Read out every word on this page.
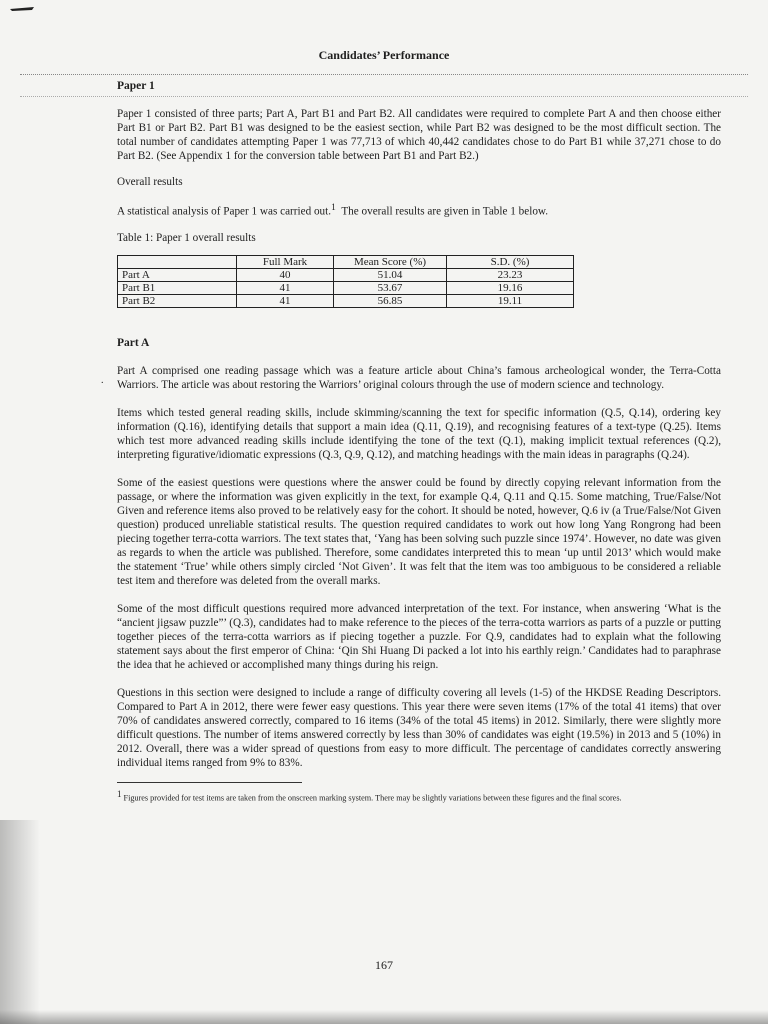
Candidates’ Performance
.
Paper 1

Paper 1 consisted of three parts; Part A, Part B1 and Part B2. All candidates were required to complete Part A and then choose either Part B1 or Part B2. Part B1 was designed to be the easiest section, while Part B2 was designed to be the most difficult section. The total number of candidates attempting Paper 1 was 77,713 of which 40,442 candidates chose to do Part B1 while 37,271 chose to do Part B2. (See Appendix 1 for the conversion table between Part B1 and Part B2.)

Overall results

A statistical analysis of Paper 1 was carried out.$^1$ The overall results are given in Table 1 below.

Table 1: Paper 1 overall results

	Full Mark	Mean Score (%)	S.D. (%)
Part A	40	51.04	23.23
Part B1	41	53.67	19.16
Part B2	41	56.85	19.11
Part A

Part A comprised one reading passage which was a feature article about China’s famous archeological wonder, the Terra-Cotta Warriors. The article was about restoring the Warriors’ original colours through the use of modern science and technology.

Items which tested general reading skills, include skimming/scanning the text for specific information (Q.5, Q.14), ordering key information (Q.16), identifying details that support a main idea (Q.11, Q.19), and recognising features of a text-type (Q.25). Items which test more advanced reading skills include identifying the tone of the text (Q.1), making implicit textual references (Q.2), interpreting figurative/idiomatic expressions (Q.3, Q.9, Q.12), and matching headings with the main ideas in paragraphs (Q.24).

Some of the easiest questions were questions where the answer could be found by directly copying relevant information from the passage, or where the information was given explicitly in the text, for example Q.4, Q.11 and Q.15. Some matching, True/False/Not Given and reference items also proved to be relatively easy for the cohort. It should be noted, however, Q.6 iv (a True/False/Not Given question) produced unreliable statistical results. The question required candidates to work out how long Yang Rongrong had been piecing together terra-cotta warriors. The text states that, ‘Yang has been solving such puzzle since 1974’. However, no date was given as regards to when the article was published. Therefore, some candidates interpreted this to mean ‘up until 2013’ which would make the statement ‘True’ while others simply circled ‘Not Given’. It was felt that the item was too ambiguous to be considered a reliable test item and therefore was deleted from the overall marks.

Some of the most difficult questions required more advanced interpretation of the text. For instance, when answering ‘What is the “ancient jigsaw puzzle”’ (Q.3), candidates had to make reference to the pieces of the terra-cotta warriors as parts of a puzzle or putting together pieces of the terra-cotta warriors as if piecing together a puzzle. For Q.9, candidates had to explain what the following statement says about the first emperor of China: ‘Qin Shi Huang Di packed a lot into his earthly reign.’ Candidates had to paraphrase the idea that he achieved or accomplished many things during his reign.

Questions in this section were designed to include a range of difficulty covering all levels (1-5) of the HKDSE Reading Descriptors. Compared to Part A in 2012, there were fewer easy questions. This year there were seven items (17% of the total 41 items) that over 70% of candidates answered correctly, compared to 16 items (34% of the total 45 items) in 2012. Similarly, there were slightly more difficult questions. The number of items answered correctly by less than 30% of candidates was eight (19.5%) in 2013 and 5 (10%) in 2012. Overall, there was a wider spread of questions from easy to more difficult. The percentage of candidates correctly answering individual items ranged from 9% to 83%.

$^1$ Figures provided for test items are taken from the onscreen marking system. There may be slightly variations between these figures and the final scores.

167
